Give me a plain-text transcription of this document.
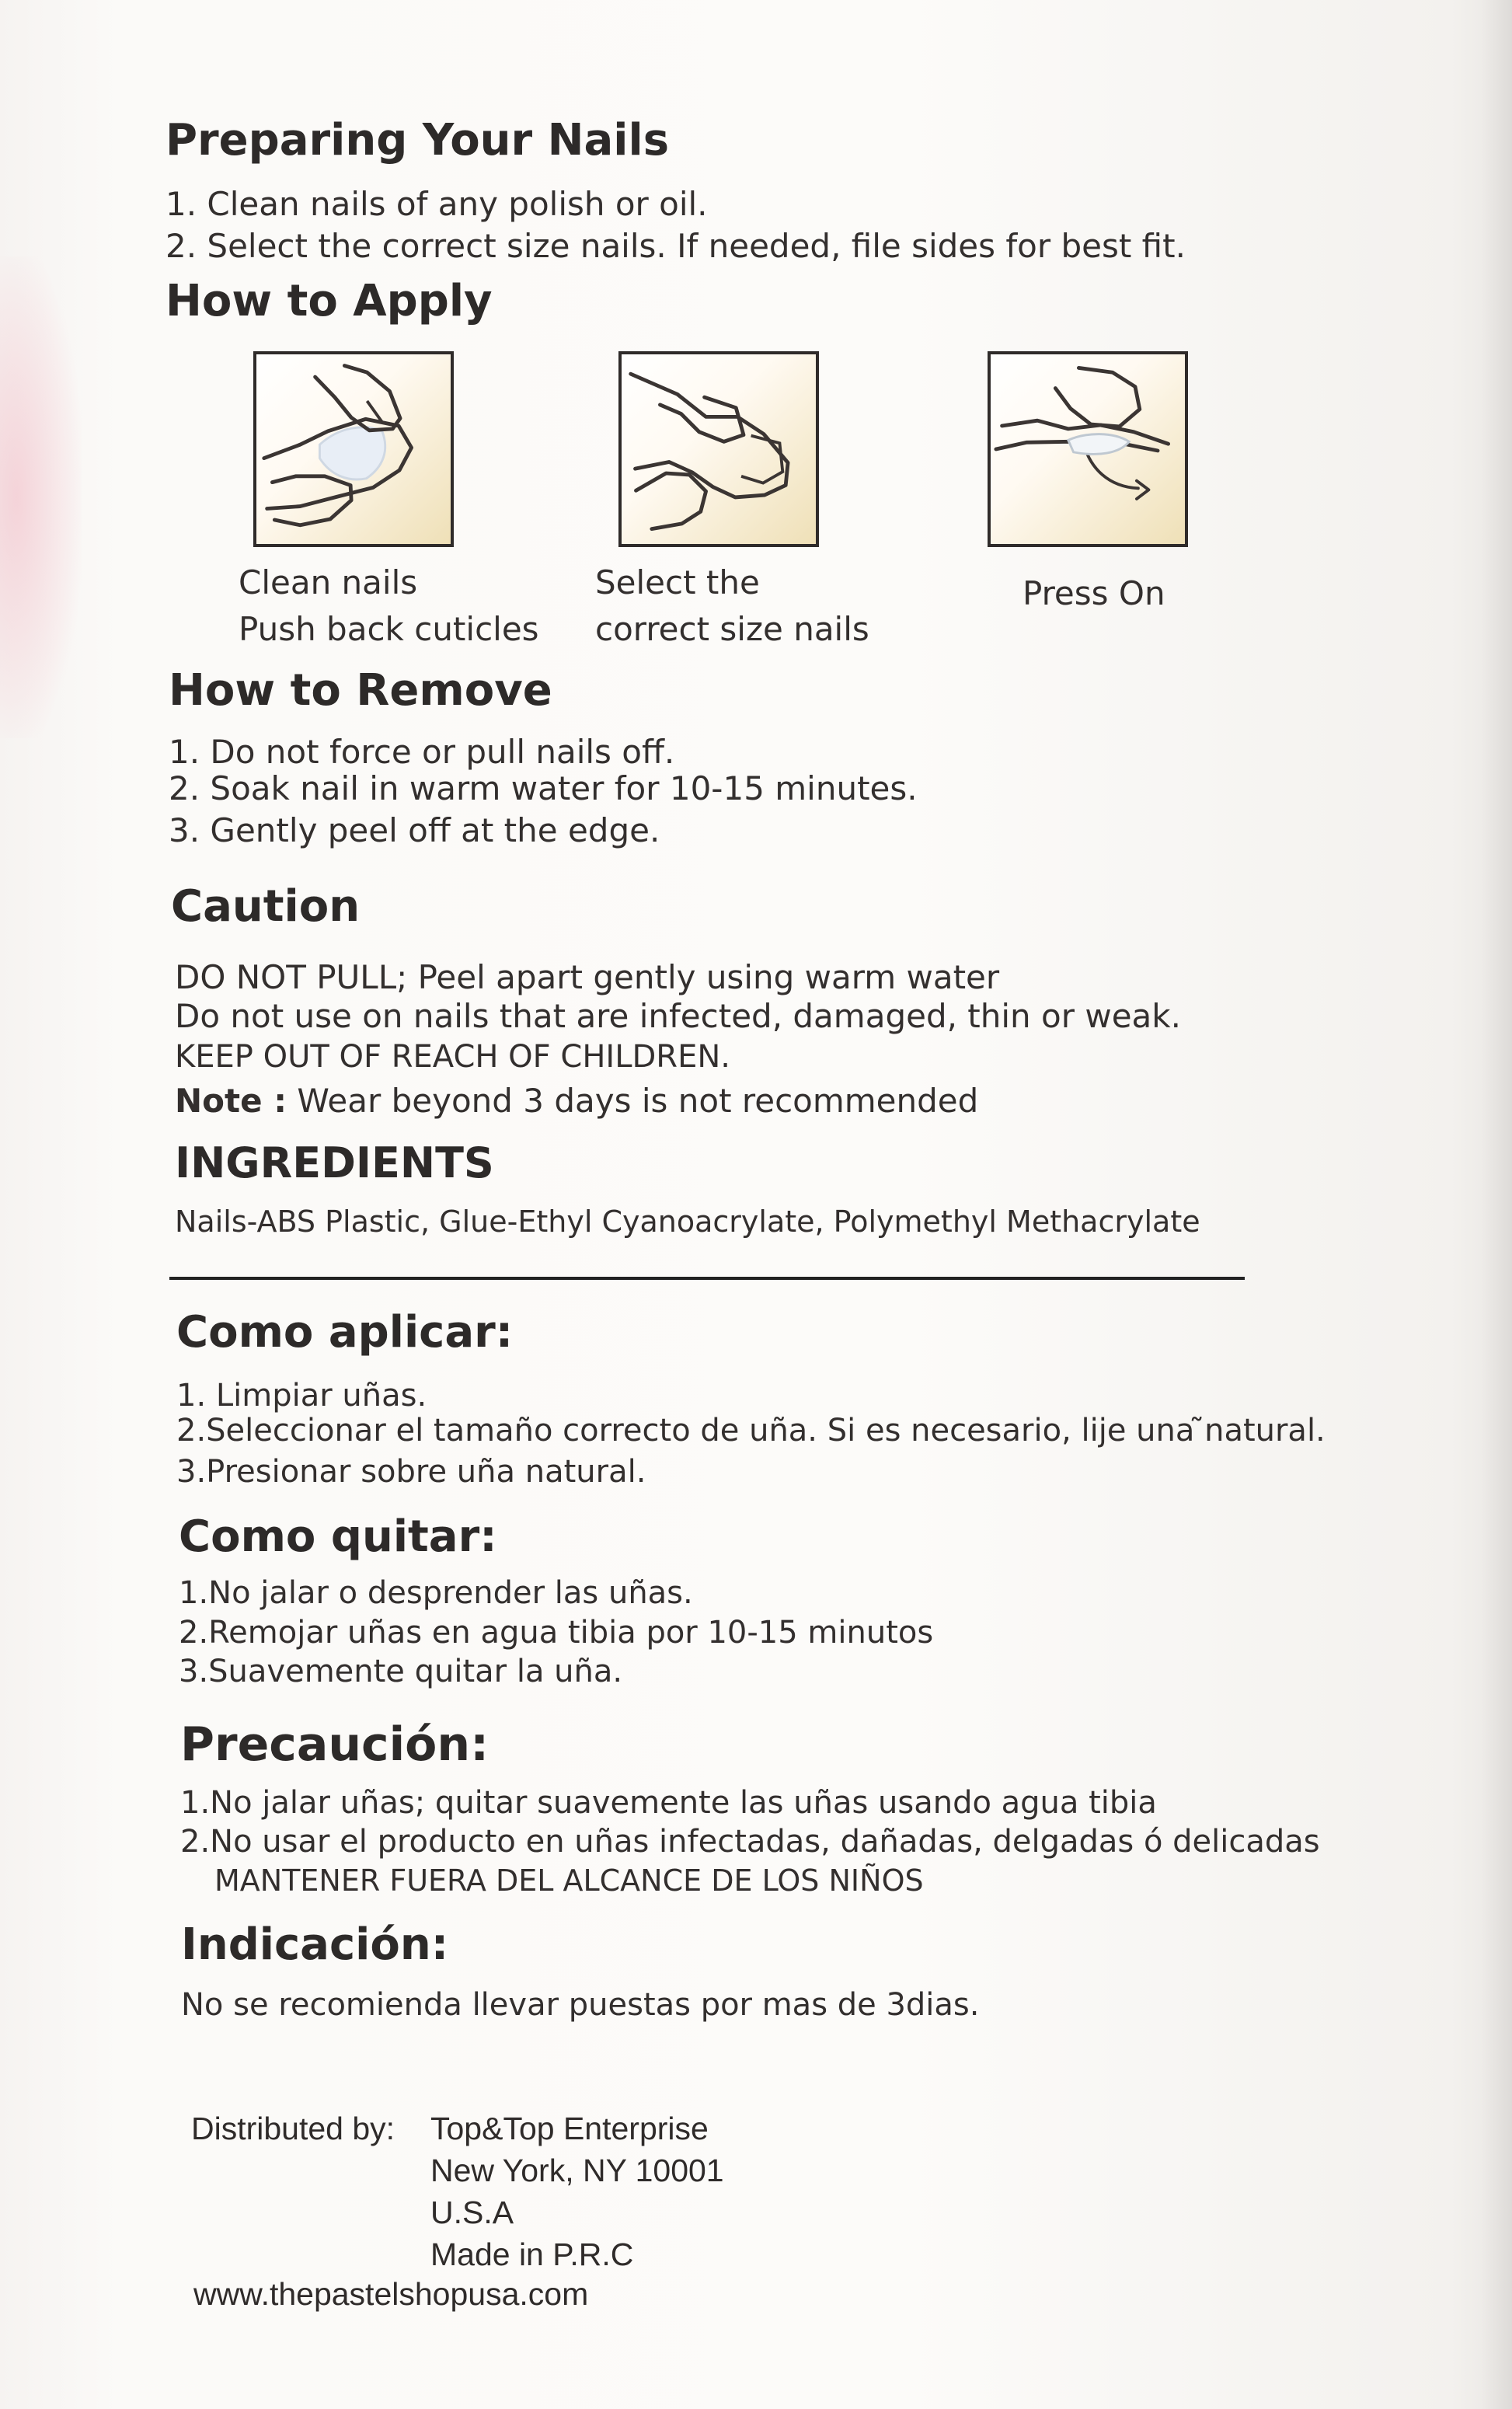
Preparing Your Nails

1. Clean nails of any polish or oil.

2. Select the correct size nails. If needed, file sides for best fit.

How to Apply
Clean nails
Push back cuticles
Select the
correct size nails
Press On
How to Remove

1. Do not force or pull nails off.

2. Soak nail in warm water for 10-15 minutes.

3. Gently peel off at the edge.

Caution

DO NOT PULL; Peel apart gently using warm water

Do not use on nails that are infected, damaged, thin or weak.

KEEP OUT OF REACH OF CHILDREN.

Note : Wear beyond 3 days is not recommended

INGREDIENTS

Nails-ABS Plastic, Glue-Ethyl Cyanoacrylate, Polymethyl Methacrylate

Como aplicar:

1. Limpiar uñas.

2.Seleccionar el tamaño correcto de uña. Si es necesario, lije una ̃natural.

3.Presionar sobre uña natural.

Como quitar:

1.No jalar o desprender las uñas.

2.Remojar uñas en agua tibia por 10-15 minutos

3.Suavemente quitar la uña.

Precaución:

1.No jalar uñas; quitar suavemente las uñas usando agua tibia

2.No usar el producto en uñas infectadas, dañadas, delgadas ó delicadas

MANTENER FUERA DEL ALCANCE DE LOS NIÑOS

Indicación:

No se recomienda llevar puestas por mas de 3dias.

Distributed by: Top&Top Enterprise
New York, NY 10001
U.S.A
Made in P.R.C
www.thepastelshopusa.com
